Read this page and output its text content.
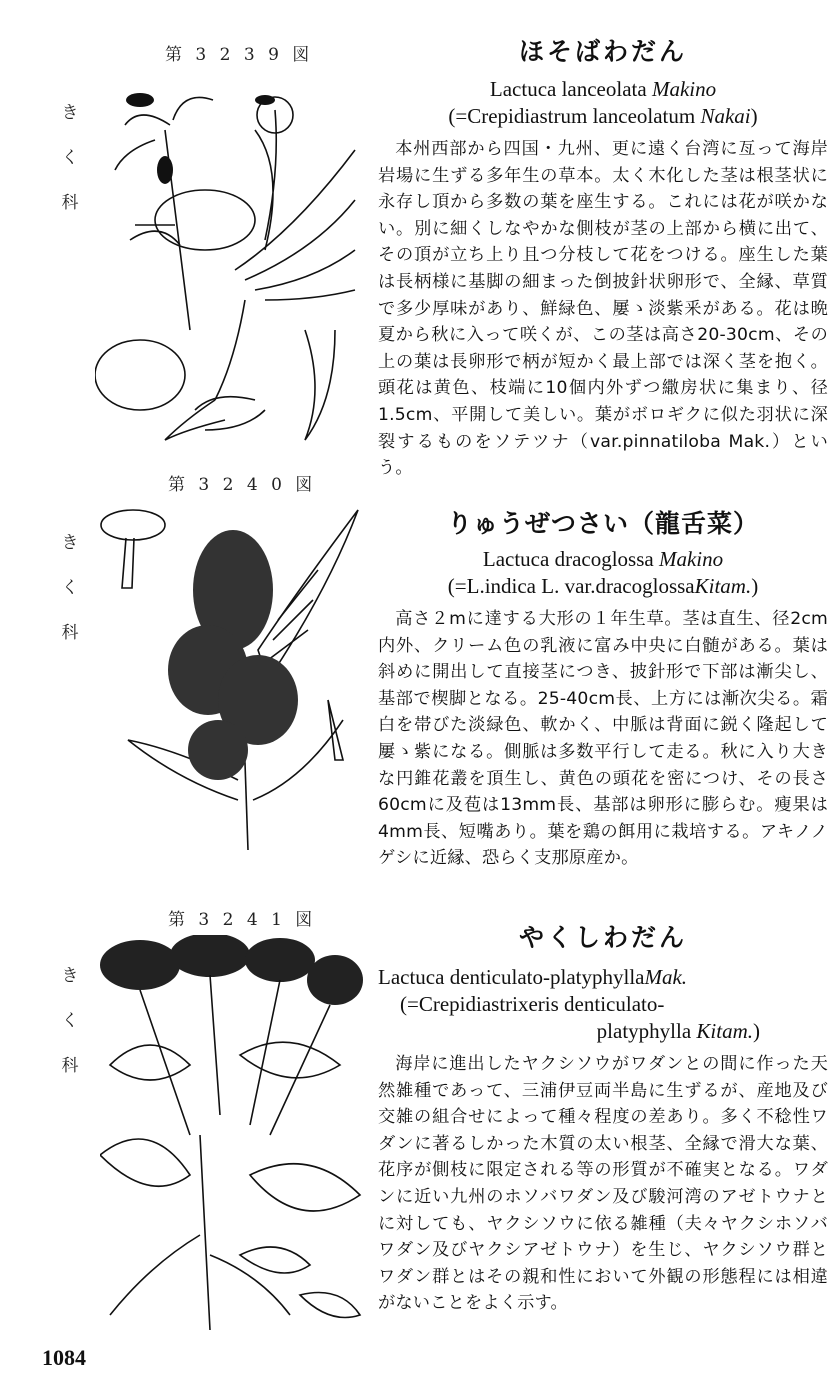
第 3 2 3 9 図
き
く
科
ほそばわだん
Lactuca lanceolata Makino
(=Crepidiastrum lanceolatum Nakai)

本州西部から四国・九州、更に遠く台湾に亙って海岸岩場に生ずる多年生の草本。太く木化した茎は根茎状に永存し頂から多数の葉を座生する。これには花が咲かない。別に細くしなやかな側枝が茎の上部から横に出て、その頂が立ち上り且つ分枝して花をつける。座生した葉は長柄様に基脚の細まった倒披針状卵形で、全縁、草質で多少厚味があり、鮮緑色、屢ゝ淡紫釆がある。花は晩夏から秋に入って咲くが、この茎は高さ20-30cm、その上の葉は長卵形で柄が短かく最上部では深く茎を抱く。頭花は黄色、枝端に10個内外ずつ繖房状に集まり、径1.5cm、平開して美しい。葉がボロギクに似た羽状に深裂するものをソテツナ（var.pinnatiloba Mak.）という。

第 3 2 4 0 図
き
く
科
りゅうぜつさい（龍舌菜）
Lactuca dracoglossa Makino
(=L.indica L. var.dracoglossaKitam.)

高さ２mに達する大形の１年生草。茎は直生、径2cm内外、クリーム色の乳液に富み中央に白髄がある。葉は斜めに開出して直接茎につき、披針形で下部は漸尖し、基部で楔脚となる。25-40cm長、上方には漸次尖る。霜白を帯びた淡緑色、軟かく、中脈は背面に鋭く隆起して屢ゝ紫になる。側脈は多数平行して走る。秋に入り大きな円錐花叢を頂生し、黄色の頭花を密につけ、その長さ60cmに及苞は13mm長、基部は卵形に膨らむ。瘦果は4mm長、短嘴あり。葉を鶏の餌用に栽培する。アキノノゲシに近縁、恐らく支那原産か。

第 3 2 4 1 図
き
く
科
やくしわだん
Lactuca denticulato-platyphyllaMak.
(=Crepidiastrixeris denticulato-
platyphylla Kitam.)

海岸に進出したヤクシソウがワダンとの間に作った天然雑種であって、三浦伊豆両半島に生ずるが、産地及び交雑の組合せによって種々程度の差あり。多く不稔性ワダンに著るしかった木質の太い根茎、全縁で滑大な葉、花序が側枝に限定される等の形質が不確実となる。ワダンに近い九州のホソバワダン及び駿河湾のアゼトウナとに対しても、ヤクシソウに依る雑種（夫々ヤクシホソバワダン及びヤクシアゼトウナ）を生じ、ヤクシソウ群とワダン群とはその親和性において外観の形態程には相違がないことをよく示す。

1084
